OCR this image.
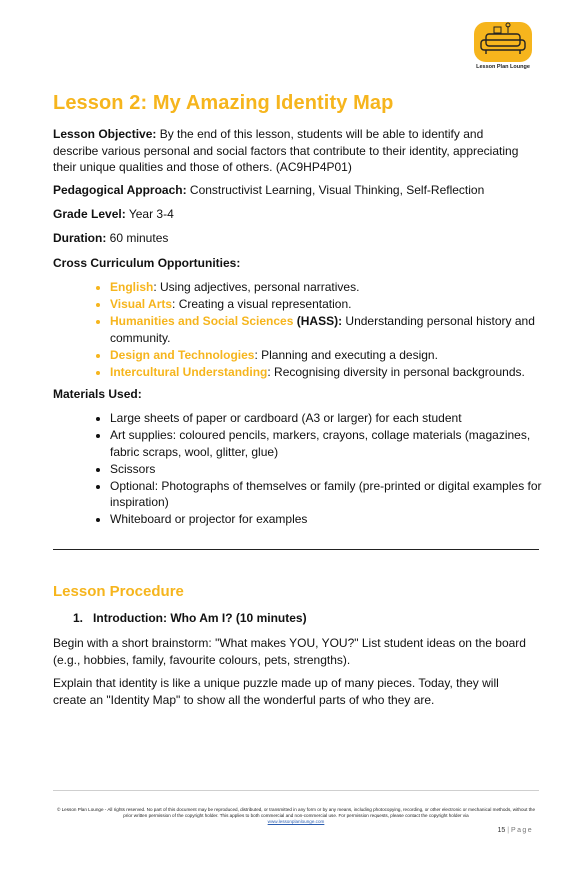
Lesson Plan Lounge
Lesson 2: My Amazing Identity Map

Lesson Objective: By the end of this lesson, students will be able to identify and describe various personal and social factors that contribute to their identity, appreciating their unique qualities and those of others. (AC9HP4P01)

Pedagogical Approach: Constructivist Learning, Visual Thinking, Self-Reflection

Grade Level: Year 3-4

Duration: 60 minutes

Cross Curriculum Opportunities:

• English: Using adjectives, personal narratives.
• Visual Arts: Creating a visual representation.
• Humanities and Social Sciences (HASS): Understanding personal history and community.
• Design and Technologies: Planning and executing a design.
• Intercultural Understanding: Recognising diversity in personal backgrounds.

Materials Used:

• Large sheets of paper or cardboard (A3 or larger) for each student
• Art supplies: coloured pencils, markers, crayons, collage materials (magazines, fabric scraps, wool, glitter, glue)
• Scissors
• Optional: Photographs of themselves or family (pre-printed or digital examples for inspiration)
• Whiteboard or projector for examples
Lesson Procedure
1. Introduction: Who Am I? (10 minutes)

Begin with a short brainstorm: "What makes YOU, YOU?" List student ideas on the board (e.g., hobbies, family, favourite colours, pets, strengths).

Explain that identity is like a unique puzzle made up of many pieces. Today, they will create an "Identity Map" to show all the wonderful parts of who they are.

© Lesson Plan Lounge - All rights reserved. No part of this document may be reproduced, distributed, or transmitted in any form or by any means, including photocopying, recording, or other electronic or mechanical methods, without the prior written permission of the copyright holder. This applies to both commercial and non-commercial use. For permission requests, please contact the copyright holder via
www.lessonplanlounge.com
15 | Page
